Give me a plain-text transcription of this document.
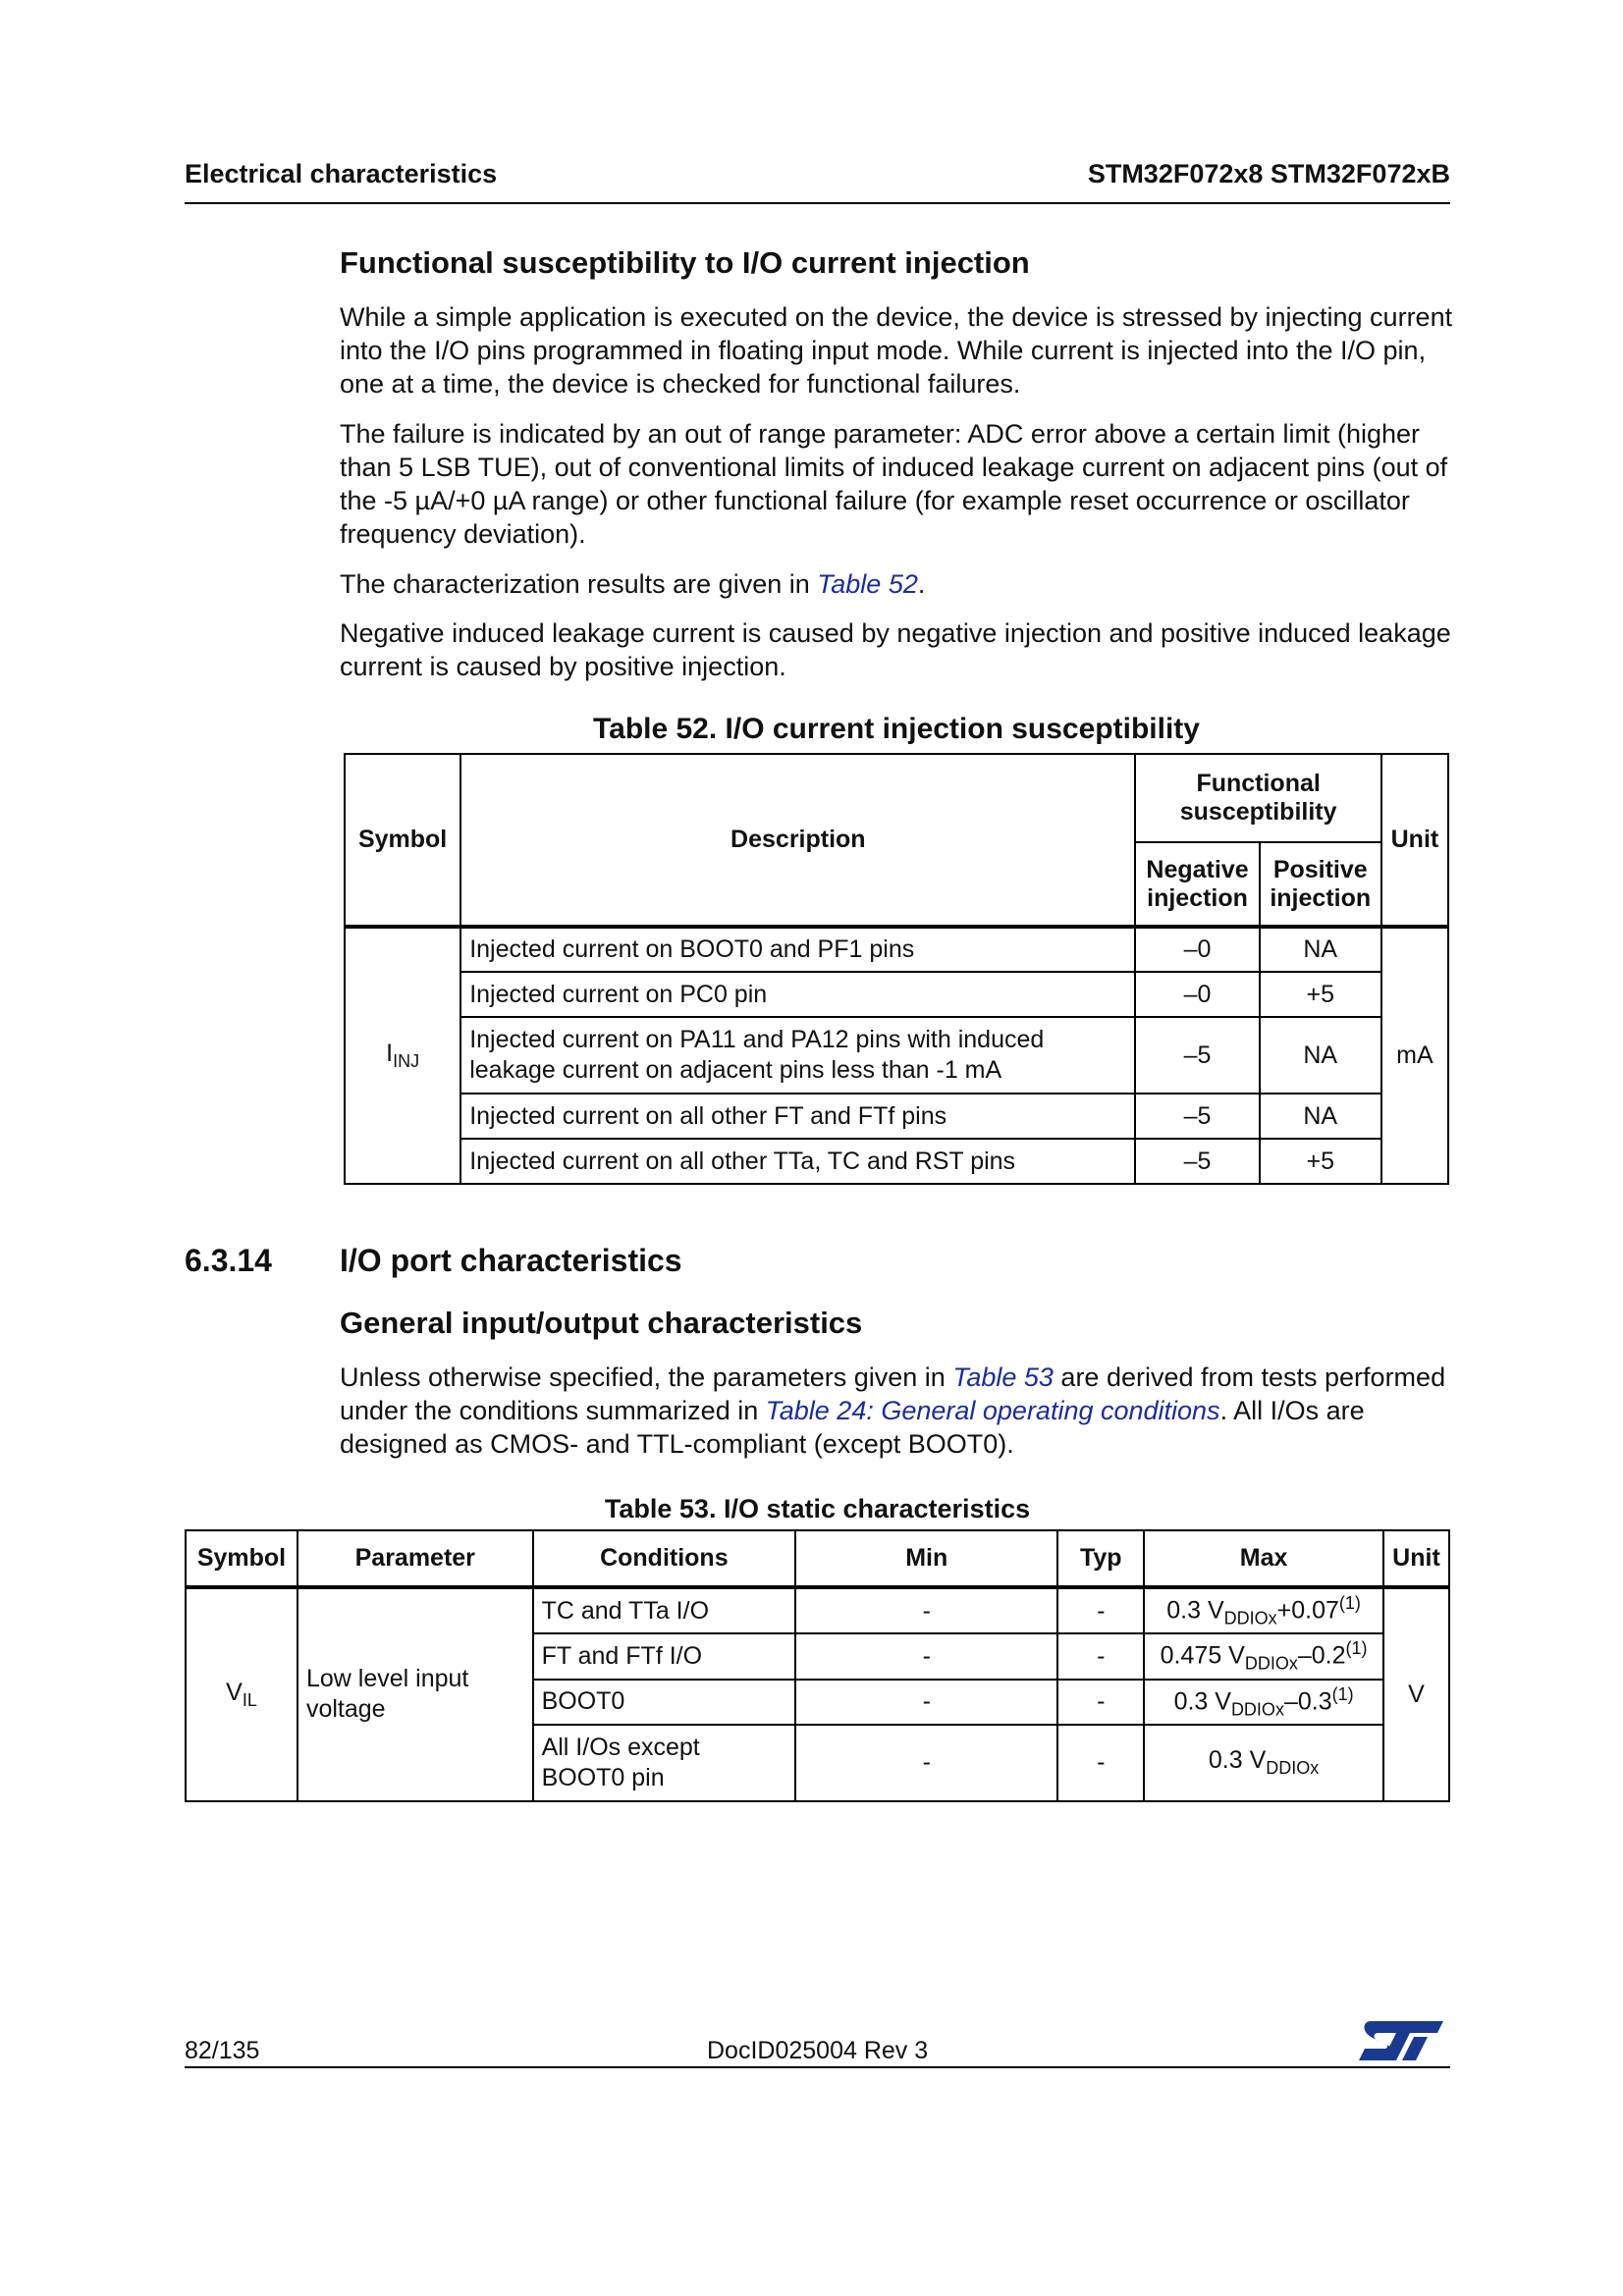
Electrical characteristics	STM32F072x8 STM32F072xB
Functional susceptibility to I/O current injection
While a simple application is executed on the device, the device is stressed by injecting current into the I/O pins programmed in floating input mode. While current is injected into the I/O pin, one at a time, the device is checked for functional failures.
The failure is indicated by an out of range parameter: ADC error above a certain limit (higher than 5 LSB TUE), out of conventional limits of induced leakage current on adjacent pins (out of the -5 µA/+0 µA range) or other functional failure (for example reset occurrence or oscillator frequency deviation).
The characterization results are given in Table 52.
Negative induced leakage current is caused by negative injection and positive induced leakage current is caused by positive injection.
Table 52. I/O current injection susceptibility
Symbol	Description	Functional susceptibility		Unit
		Negative injection	Positive injection	
$I_{INJ}$	Injected current on BOOT0 and PF1 pins	–0	NA	mA
	Injected current on PC0 pin	–0	+5	
	Injected current on PA11 and PA12 pins with induced leakage current on adjacent pins less than -1 mA	–5	NA	
	Injected current on all other FT and FTf pins	–5	NA	
	Injected current on all other TTa, TC and RST pins	–5	+5	
6.3.14 I/O port characteristics
General input/output characteristics
Unless otherwise specified, the parameters given in Table 53 are derived from tests performed under the conditions summarized in Table 24: General operating conditions. All I/Os are designed as CMOS- and TTL-compliant (except BOOT0).
Table 53. I/O static characteristics
Symbol	Parameter	Conditions	Min	Typ	Max	Unit
$V_{IL}$	Low level input voltage	TC and TTa I/O	-	-	0.3 $V_{DDIOx}+0.07^{(1)}$	V
		FT and FTf I/O	-	-	0.475 $V_{DDIOx}-0.2^{(1)}$
		BOOT0	-	-	0.3 $V_{DDIOx}-0.3^{(1)}$
		All I/Os except BOOT0 pin	-	-	0.3 $V_{DDIOx}$
82/135	DocID025004 Rev 3
